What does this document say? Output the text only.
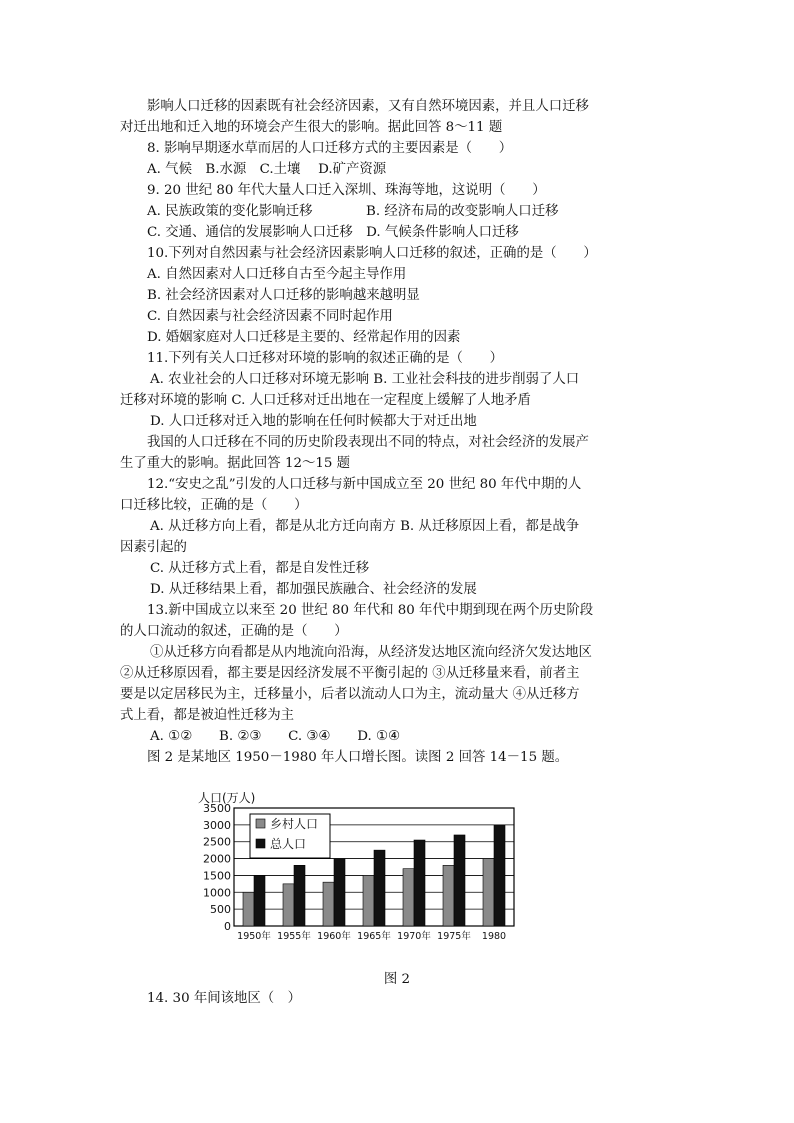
影响人口迁移的因素既有社会经济因素，又有自然环境因素，并且人口迁移
对迁出地和迁入地的环境会产生很大的影响。据此回答 8～11 题
8. 影响早期逐水草而居的人口迁移方式的主要因素是（　　）
A. 气候　B.水源　C.土壤　 D.矿产资源
9. 20 世纪 80 年代大量人口迁入深圳、珠海等地，这说明（　　）
A. 民族政策的变化影响迁移　　　　B. 经济布局的改变影响人口迁移
C. 交通、通信的发展影响人口迁移　D. 气候条件影响人口迁移
10.下列对自然因素与社会经济因素影响人口迁移的叙述，正确的是（　　）
A. 自然因素对人口迁移自古至今起主导作用
B. 社会经济因素对人口迁移的影响越来越明显
C. 自然因素与社会经济因素不同时起作用
D. 婚姻家庭对人口迁移是主要的、经常起作用的因素
11.下列有关人口迁移对环境的影响的叙述正确的是（　　）
A. 农业社会的人口迁移对环境无影响 B. 工业社会科技的进步削弱了人口
迁移对环境的影响 C. 人口迁移对迁出地在一定程度上缓解了人地矛盾
D. 人口迁移对迁入地的影响在任何时候都大于对迁出地
我国的人口迁移在不同的历史阶段表现出不同的特点，对社会经济的发展产
生了重大的影响。据此回答 12～15 题
12.“安史之乱”引发的人口迁移与新中国成立至 20 世纪 80 年代中期的人
口迁移比较，正确的是（　　）
A. 从迁移方向上看，都是从北方迁向南方 B. 从迁移原因上看，都是战争
因素引起的
C. 从迁移方式上看，都是自发性迁移
D. 从迁移结果上看，都加强民族融合、社会经济的发展
13.新中国成立以来至 20 世纪 80 年代和 80 年代中期到现在两个历史阶段
的人口流动的叙述，正确的是（　　）
①从迁移方向看都是从内地流向沿海，从经济发达地区流向经济欠发达地区
②从迁移原因看，都主要是因经济发展不平衡引起的 ③从迁移量来看，前者主
要是以定居移民为主，迁移量小，后者以流动人口为主，流动量大 ④从迁移方
式上看，都是被迫性迁移为主
A. ①②　　B. ②③　　C. ③④　　D. ①④
图 2 是某地区 1950－1980 年人口增长图。读图 2 回答 14－15 题。
0
500
1000
1500
2000
2500
3000
3500
人口(万人)
1950年 1955年 1960年 1965年 1970年 1975年 1980
乡村人口
总人口
图 2
14. 30 年间该地区（　）
